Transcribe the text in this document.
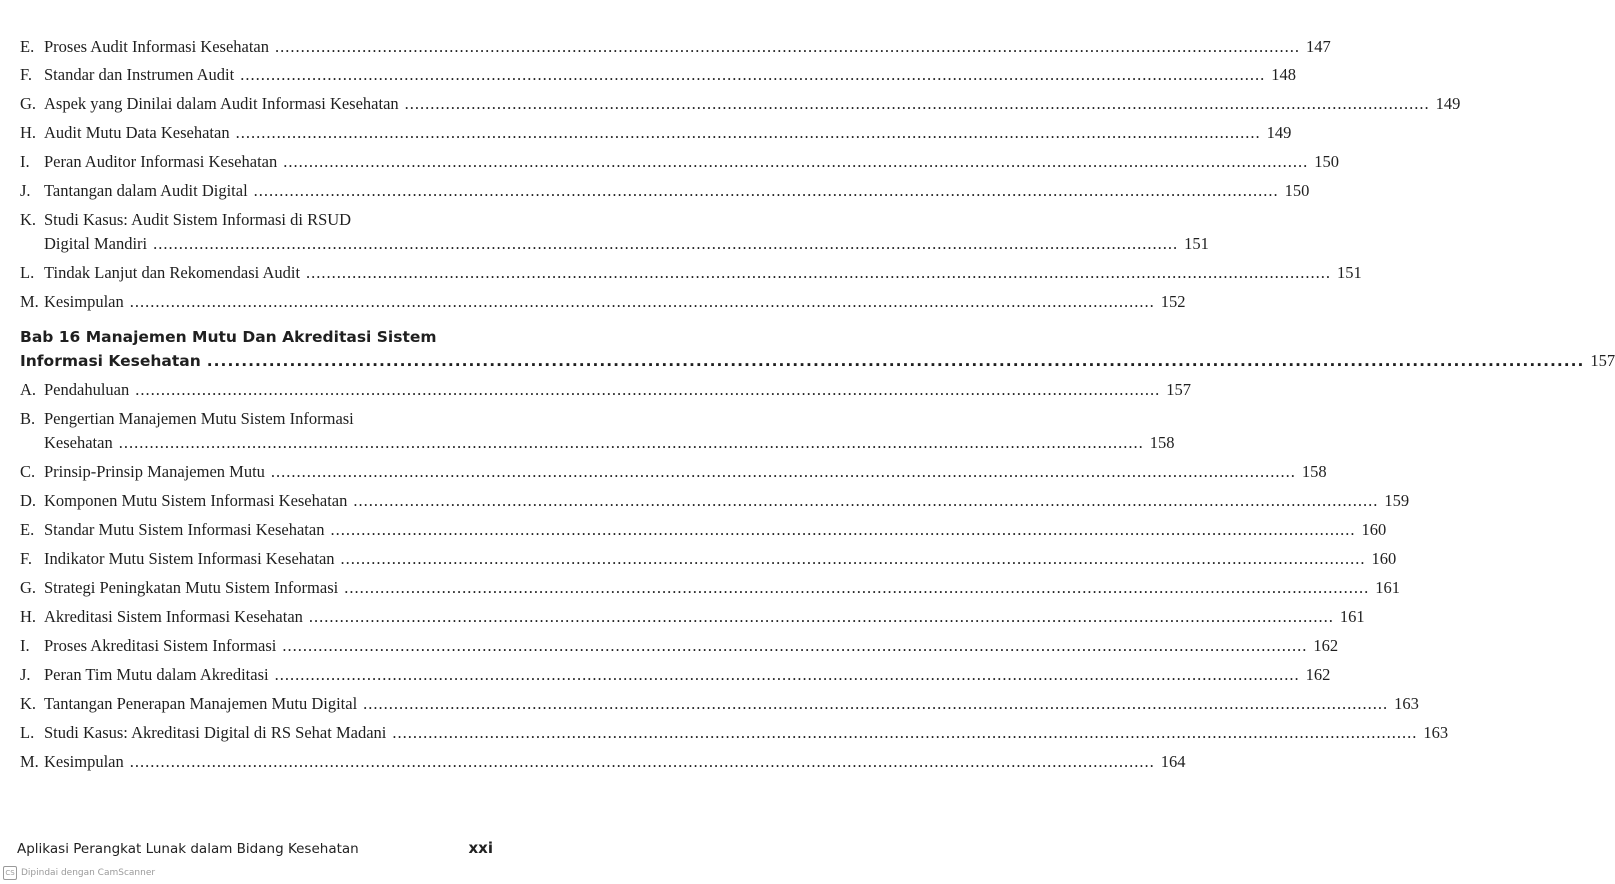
E. Proses Audit Informasi Kesehatan ........................................................................................................................................................................................................ 147
F. Standar dan Instrumen Audit ........................................................................................................................................................................................................ 148
G. Aspek yang Dinilai dalam Audit Informasi Kesehatan ........................................................................................................................................................................................................ 149
H. Audit Mutu Data Kesehatan ........................................................................................................................................................................................................ 149
I. Peran Auditor Informasi Kesehatan ........................................................................................................................................................................................................ 150
J. Tantangan dalam Audit Digital ........................................................................................................................................................................................................ 150
K. Studi Kasus: Audit Sistem Informasi di RSUD
Digital Mandiri ........................................................................................................................................................................................................ 151
L. Tindak Lanjut dan Rekomendasi Audit ........................................................................................................................................................................................................ 151
M. Kesimpulan ........................................................................................................................................................................................................ 152
Bab 16 Manajemen Mutu Dan Akreditasi Sistem
Informasi Kesehatan ........................................................................................................................................................................................................ 157
A. Pendahuluan ........................................................................................................................................................................................................ 157
B. Pengertian Manajemen Mutu Sistem Informasi
Kesehatan ........................................................................................................................................................................................................ 158
C. Prinsip-Prinsip Manajemen Mutu ........................................................................................................................................................................................................ 158
D. Komponen Mutu Sistem Informasi Kesehatan ........................................................................................................................................................................................................ 159
E. Standar Mutu Sistem Informasi Kesehatan ........................................................................................................................................................................................................ 160
F. Indikator Mutu Sistem Informasi Kesehatan ........................................................................................................................................................................................................ 160
G. Strategi Peningkatan Mutu Sistem Informasi ........................................................................................................................................................................................................ 161
H. Akreditasi Sistem Informasi Kesehatan ........................................................................................................................................................................................................ 161
I. Proses Akreditasi Sistem Informasi ........................................................................................................................................................................................................ 162
J. Peran Tim Mutu dalam Akreditasi ........................................................................................................................................................................................................ 162
K. Tantangan Penerapan Manajemen Mutu Digital ........................................................................................................................................................................................................ 163
L. Studi Kasus: Akreditasi Digital di RS Sehat Madani ........................................................................................................................................................................................................ 163
M. Kesimpulan ........................................................................................................................................................................................................ 164
Aplikasi Perangkat Lunak dalam Bidang Kesehatan	xxi
CS Dipindai dengan CamScanner
